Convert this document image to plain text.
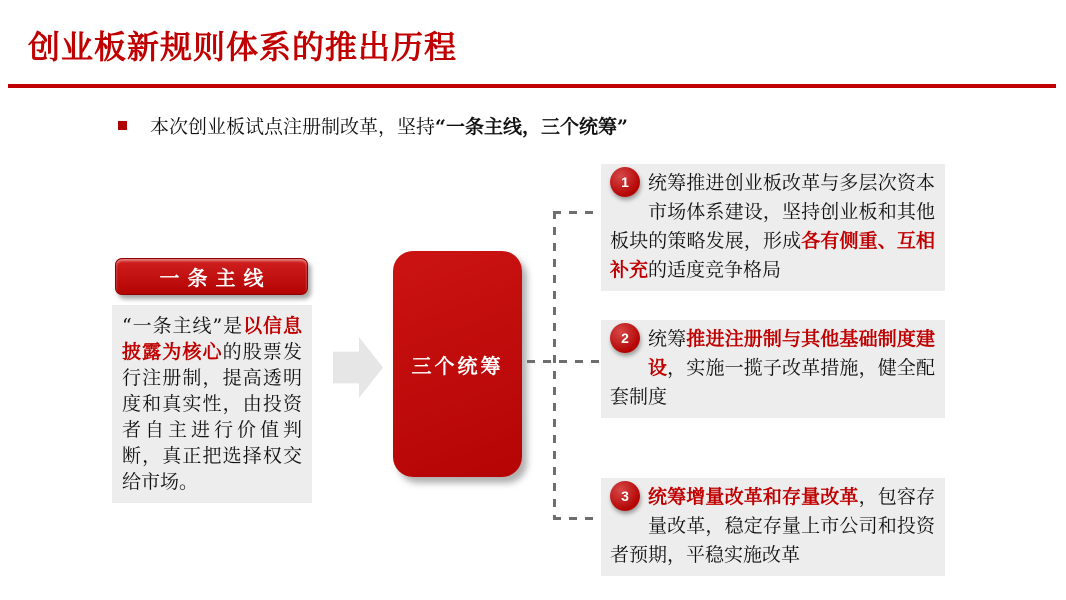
创业板新规则体系的推出历程
本次创业板试点注册制改革，坚持“一条主线，三个统筹”
一条主线
“一条主线”是以信息披露为核心的股票发行注册制，提高透明度和真实性，由投资者自主进行价值判断，真正把选择权交给市场。
三个统筹
1	统筹推进创业板改革与多层次资本市场体系建设，坚持创业板和其他板块的策略发展，形成各有侧重、互相补充的适度竞争格局
2	统筹推进注册制与其他基础制度建设，实施一揽子改革措施，健全配套制度
3	统筹增量改革和存量改革，包容存量改革，稳定存量上市公司和投资者预期，平稳实施改革
